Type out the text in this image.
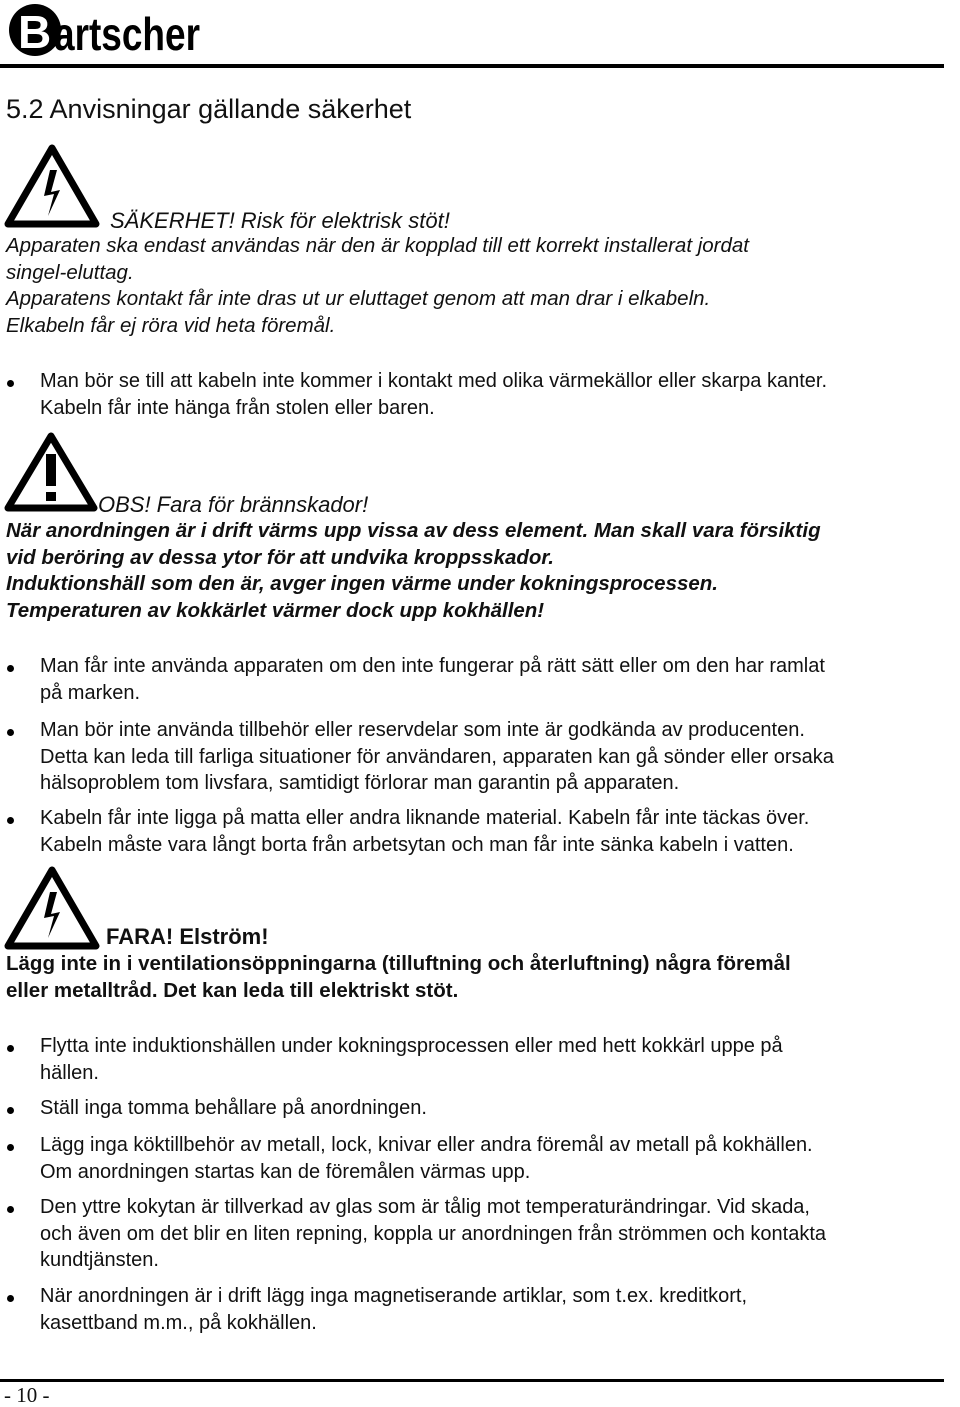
B artscher
5.2 Anvisningar gällande säkerhet
SÄKERHET! Risk för elektrisk stöt!
Apparaten ska endast användas när den är kopplad till ett korrekt installerat jordat
singel-eluttag.
Apparatens kontakt får inte dras ut ur eluttaget genom att man drar i elkabeln.
Elkabeln får ej röra vid heta föremål.
Man bör se till att kabeln inte kommer i kontakt med olika värmekällor eller skarpa kanter.
Kabeln får inte hänga från stolen eller baren.
OBS! Fara för brännskador!
När anordningen är i drift värms upp vissa av dess element. Man skall vara försiktig
vid beröring av dessa ytor för att undvika kroppsskador.
Induktionshäll som den är, avger ingen värme under kokningsprocessen.
Temperaturen av kokkärlet värmer dock upp kokhällen!
Man får inte använda apparaten om den inte fungerar på rätt sätt eller om den har ramlat
på marken.
Man bör inte använda tillbehör eller reservdelar som inte är godkända av producenten.
Detta kan leda till farliga situationer för användaren, apparaten kan gå sönder eller orsaka
hälsoproblem tom livsfara, samtidigt förlorar man garantin på apparaten.
Kabeln får inte ligga på matta eller andra liknande material. Kabeln får inte täckas över.
Kabeln måste vara långt borta från arbetsytan och man får inte sänka kabeln i vatten.
FARA! Elström!
Lägg inte in i ventilationsöppningarna (tilluftning och återluftning) några föremål
eller metalltråd. Det kan leda till elektriskt stöt.
Flytta inte induktionshällen under kokningsprocessen eller med hett kokkärl uppe på
hällen.
Ställ inga tomma behållare på anordningen.
Lägg inga köktillbehör av metall, lock, knivar eller andra föremål av metall på kokhällen.
Om anordningen startas kan de föremålen värmas upp.
Den yttre kokytan är tillverkad av glas som är tålig mot temperaturändringar. Vid skada,
och även om det blir en liten repning, koppla ur anordningen från strömmen och kontakta
kundtjänsten.
När anordningen är i drift lägg inga magnetiserande artiklar, som t.ex. kreditkort,
kasettband m.m., på kokhällen.
- 10 -
